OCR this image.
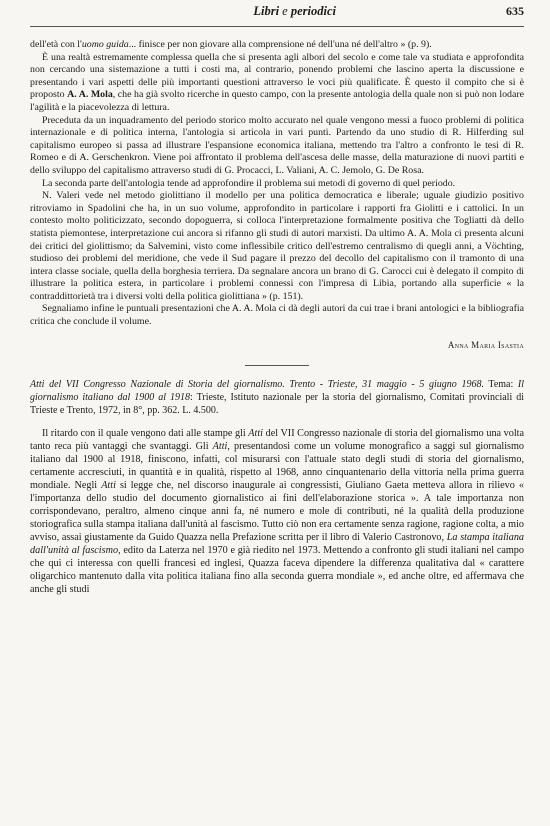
Libri e periodici	635

dell'età con l'uomo guida... finisce per non giovare alla comprensione né dell'una né dell'altro » (p. 9).

È una realtà estremamente complessa quella che si presenta agli albori del secolo e come tale va studiata e approfondita non cercando una sistemazione a tutti i costi ma, al contrario, ponendo problemi che lascino aperta la discussione e presentando i vari aspetti delle più importanti questioni attraverso le voci più qualificate. È questo il compito che si è proposto A. A. Mola, che ha già svolto ricerche in questo campo, con la presente antologia della quale non si può non lodare l'agilità e la piacevolezza di lettura.

Preceduta da un inquadramento del periodo storico molto accurato nel quale vengono messi a fuoco problemi di politica internazionale e di politica interna, l'antologia si articola in vari punti. Partendo da uno studio di R. Hilferding sul capitalismo europeo si passa ad illustrare l'espansione economica italiana, mettendo tra l'altro a confronto le tesi di R. Romeo e di A. Gerschenkron. Viene poi affrontato il problema dell'ascesa delle masse, della maturazione di nuovi partiti e dello sviluppo del capitalismo attraverso studi di G. Procacci, L. Valiani, A. C. Jemolo, G. De Rosa.

La seconda parte dell'antologia tende ad approfondire il problema sui metodi di governo di quel periodo.

N. Valeri vede nel metodo giolittiano il modello per una politica democratica e liberale; uguale giudizio positivo ritroviamo in Spadolini che ha, in un suo volume, approfondito in particolare i rapporti fra Giolitti e i cattolici. In un contesto molto politicizzato, secondo dopoguerra, si colloca l'interpretazione formalmente positiva che Togliatti dà dello statista piemontese, interpretazione cui ancora si rifanno gli studi di autori marxisti. Da ultimo A. A. Mola ci presenta alcuni dei critici del giolittismo; da Salvemini, visto come inflessibile critico dell'estremo centralismo di quegli anni, a Vöchting, studioso dei problemi del meridione, che vede il Sud pagare il prezzo del decollo del capitalismo con il tramonto di una intera classe sociale, quella della borghesia terriera. Da segnalare ancora un brano di G. Carocci cui è delegato il compito di illustrare la politica estera, in particolare i problemi connessi con l'impresa di Libia, portando alla superficie « la contraddittorietà tra i diversi volti della politica giolittiana » (p. 151).

Segnaliamo infine le puntuali presentazioni che A. A. Mola ci dà degli autori da cui trae i brani antologici e la bibliografia critica che conclude il volume.

Anna Maria Isastia

Atti del VII Congresso Nazionale di Storia del giornalismo. Trento - Trieste, 31 maggio - 5 giugno 1968. Tema: Il giornalismo italiano dal 1900 al 1918: Trieste, Istituto nazionale per la storia del giornalismo, Comitati provinciali di Trieste e Trento, 1972, in 8°, pp. 362. L. 4.500.

Il ritardo con il quale vengono dati alle stampe gli Atti del VII Congresso nazionale di storia del giornalismo una volta tanto reca più vantaggi che svantaggi. Gli Atti, presentandosi come un volume monografico a saggi sul giornalismo italiano dal 1900 al 1918, finiscono, infatti, col misurarsi con l'attuale stato degli studi di storia del giornalismo, certamente accresciuti, in quantità e in qualità, rispetto al 1968, anno cinquantenario della vittoria nella prima guerra mondiale. Negli Atti si legge che, nel discorso inaugurale ai congressisti, Giuliano Gaeta metteva allora in rilievo « l'importanza dello studio del documento giornalistico ai fini dell'elaborazione storica ». A tale importanza non corrispondevano, peraltro, almeno cinque anni fa, né numero e mole di contributi, né la qualità della produzione storiografica sulla stampa italiana dall'unità al fascismo. Tutto ciò non era certamente senza ragione, ragione colta, a mio avviso, assai giustamente da Guido Quazza nella Prefazione scritta per il libro di Valerio Castronovo, La stampa italiana dall'unità al fascismo, edito da Laterza nel 1970 e già riedito nel 1973. Mettendo a confronto gli studi italiani nel campo che qui ci interessa con quelli francesi ed inglesi, Quazza faceva dipendere la differenza qualitativa dal « carattere oligarchico mantenuto dalla vita politica italiana fino alla seconda guerra mondiale », ed anche oltre, ed affermava che anche gli studi
